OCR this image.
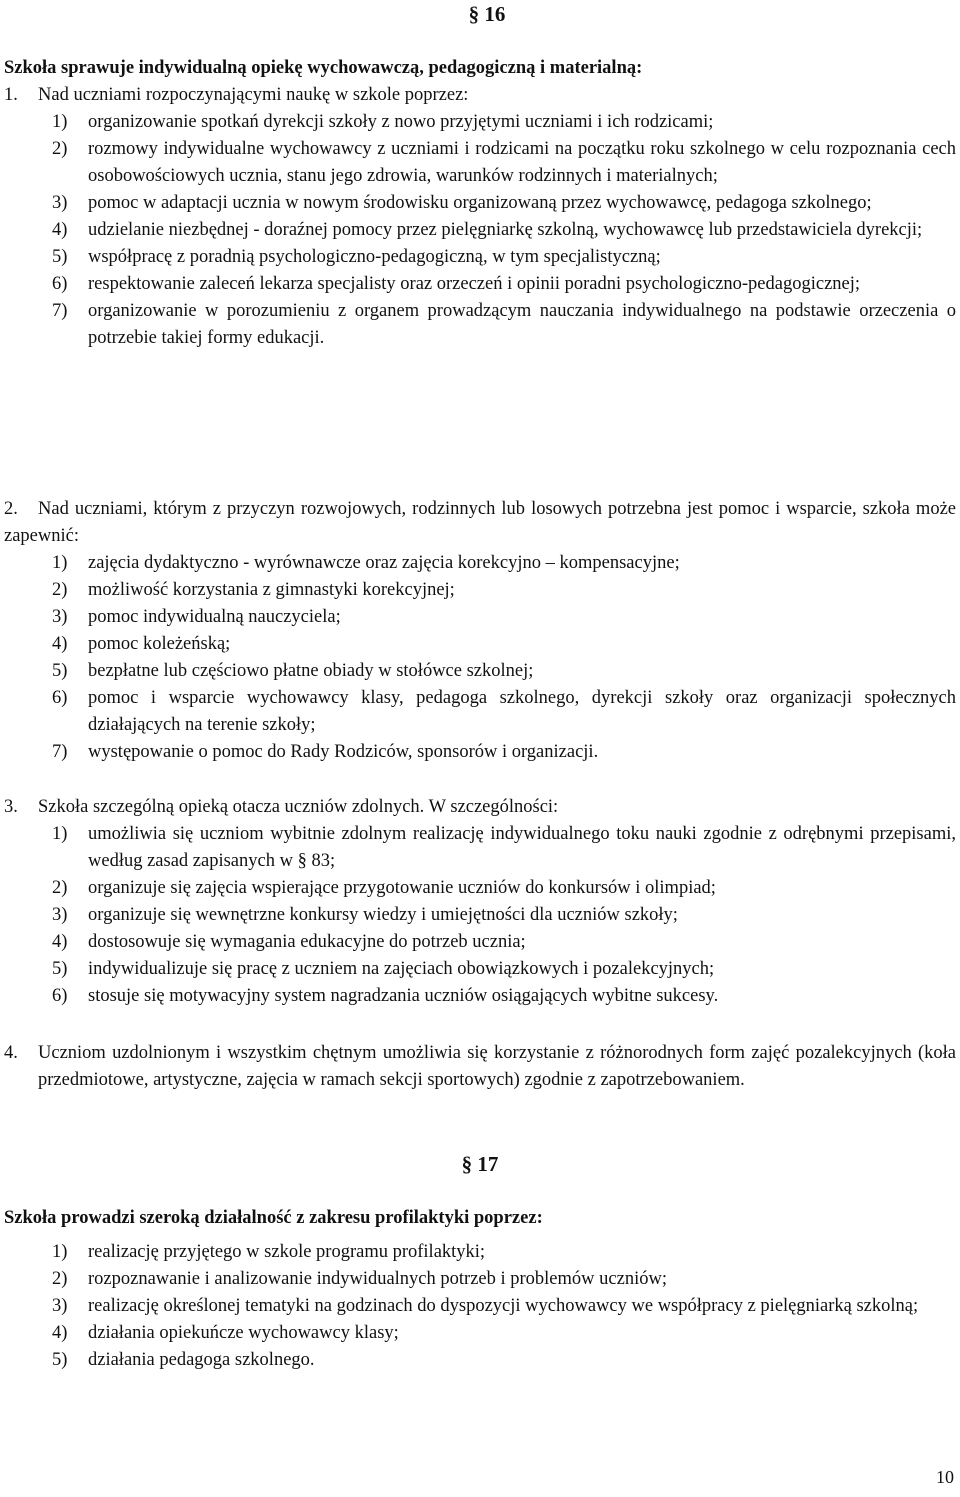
§ 16

Szkoła sprawuje indywidualną opiekę wychowawczą, pedagogiczną i materialną:

1.	Nad uczniami rozpoczynającymi naukę w szkole poprzez:

1)	organizowanie spotkań dyrekcji szkoły z nowo przyjętymi uczniami i ich rodzicami;
2)	rozmowy indywidualne wychowawcy z uczniami i rodzicami na początku roku szkolnego w celu rozpoznania cech osobowościowych ucznia, stanu jego zdrowia, warunków rodzinnych i materialnych;
3)	pomoc w adaptacji ucznia w nowym środowisku organizowaną przez wychowawcę, pedagoga szkolnego;
4)	udzielanie niezbędnej - doraźnej pomocy przez pielęgniarkę szkolną, wychowawcę lub przedstawiciela dyrekcji;
5)	współpracę z poradnią psychologiczno-pedagogiczną, w tym specjalistyczną;
6)	respektowanie zaleceń lekarza specjalisty oraz orzeczeń i opinii poradni psychologiczno-pedagogicznej;
7)	organizowanie w porozumieniu z organem prowadzącym nauczania indywidualnego na podstawie orzeczenia o potrzebie takiej formy edukacji.
2.	Nad uczniami, którym z przyczyn rozwojowych, rodzinnych lub losowych potrzebna jest pomoc i wsparcie, szkoła może zapewnić:

1)	zajęcia dydaktyczno - wyrównawcze oraz zajęcia korekcyjno – kompensacyjne;
2)	możliwość korzystania z gimnastyki korekcyjnej;
3)	pomoc indywidualną nauczyciela;
4)	pomoc koleżeńską;
5)	bezpłatne lub częściowo płatne obiady w stołówce szkolnej;
6)	pomoc i wsparcie wychowawcy klasy, pedagoga szkolnego, dyrekcji szkoły oraz organizacji społecznych działających na terenie szkoły;
7)	występowanie o pomoc do Rady Rodziców, sponsorów i organizacji.
3.	Szkoła szczególną opieką otacza uczniów zdolnych. W szczególności:

1)	umożliwia się uczniom wybitnie zdolnym realizację indywidualnego toku nauki zgodnie z odrębnymi przepisami, według zasad zapisanych w § 83;
2)	organizuje się zajęcia wspierające przygotowanie uczniów do konkursów i olimpiad;
3)	organizuje się wewnętrzne konkursy wiedzy i umiejętności dla uczniów szkoły;
4)	dostosowuje się wymagania edukacyjne do potrzeb ucznia;
5)	indywidualizuje się pracę z uczniem na zajęciach obowiązkowych i pozalekcyjnych;
6)	stosuje się motywacyjny system nagradzania uczniów osiągających wybitne sukcesy.
4.	Uczniom uzdolnionym i wszystkim chętnym umożliwia się korzystanie z różnorodnych form zajęć pozalekcyjnych (koła przedmiotowe, artystyczne, zajęcia w ramach sekcji sportowych) zgodnie z zapotrzebowaniem.

§ 17

Szkoła prowadzi szeroką działalność z zakresu profilaktyki poprzez:

1)	realizację przyjętego w szkole programu profilaktyki;
2)	rozpoznawanie i analizowanie indywidualnych potrzeb i problemów uczniów;
3)	realizację określonej tematyki na godzinach do dyspozycji wychowawcy we współpracy z pielęgniarką szkolną;
4)	działania opiekuńcze wychowawcy klasy;
5)	działania pedagoga szkolnego.
10
